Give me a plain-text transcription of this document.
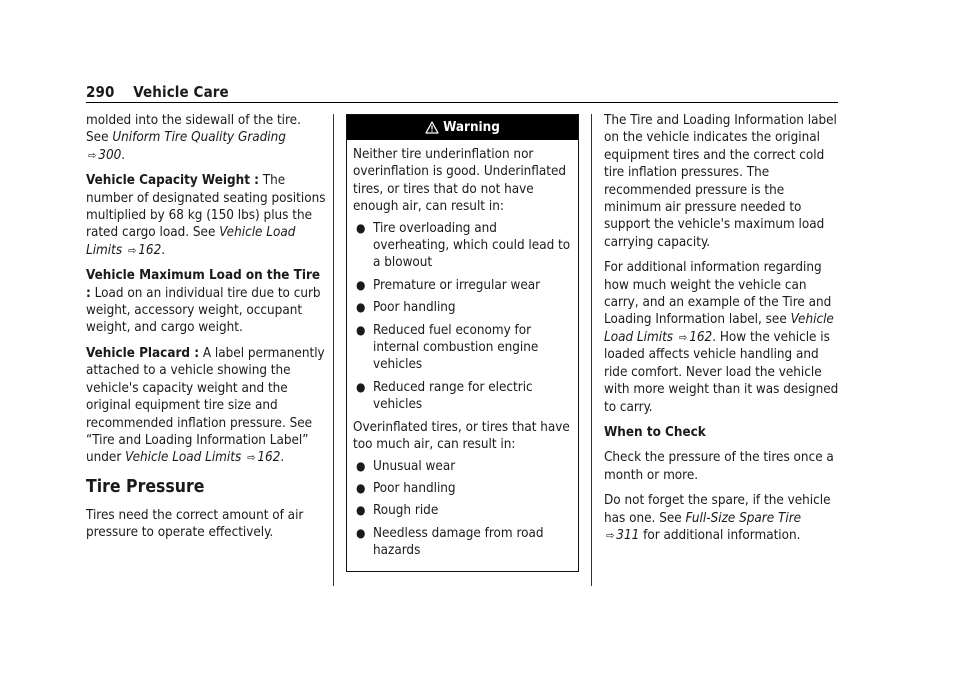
290 Vehicle Care

molded into the sidewall of the tire. See Uniform Tire Quality Grading
⇨ 300.

Vehicle Capacity Weight : The number of designated seating positions multiplied by 68 kg (150 lbs) plus the rated cargo load. See Vehicle Load Limits ⇨ 162.

Vehicle Maximum Load on the Tire : Load on an individual tire due to curb weight, accessory weight, occupant weight, and cargo weight.

Vehicle Placard : A label permanently attached to a vehicle showing the vehicle's capacity weight and the original equipment tire size and recommended inflation pressure. See “Tire and Loading Information Label” under Vehicle Load Limits ⇨ 162.

Tire Pressure

Tires need the correct amount of air pressure to operate effectively.

Warning

Neither tire underinflation nor overinflation is good. Underinflated tires, or tires that do not have enough air, can result in:

● Tire overloading and overheating, which could lead to a blowout
● Premature or irregular wear
● Poor handling
● Reduced fuel economy for internal combustion engine vehicles
● Reduced range for electric vehicles

Overinflated tires, or tires that have too much air, can result in:

● Unusual wear
● Poor handling
● Rough ride
● Needless damage from road hazards

The Tire and Loading Information label on the vehicle indicates the original equipment tires and the correct cold tire inflation pressures. The recommended pressure is the minimum air pressure needed to support the vehicle's maximum load carrying capacity.

For additional information regarding how much weight the vehicle can carry, and an example of the Tire and Loading Information label, see Vehicle Load Limits ⇨ 162. How the vehicle is loaded affects vehicle handling and ride comfort. Never load the vehicle with more weight than it was designed to carry.

When to Check

Check the pressure of the tires once a month or more.

Do not forget the spare, if the vehicle has one. See Full-Size Spare Tire ⇨ 311 for additional information.
